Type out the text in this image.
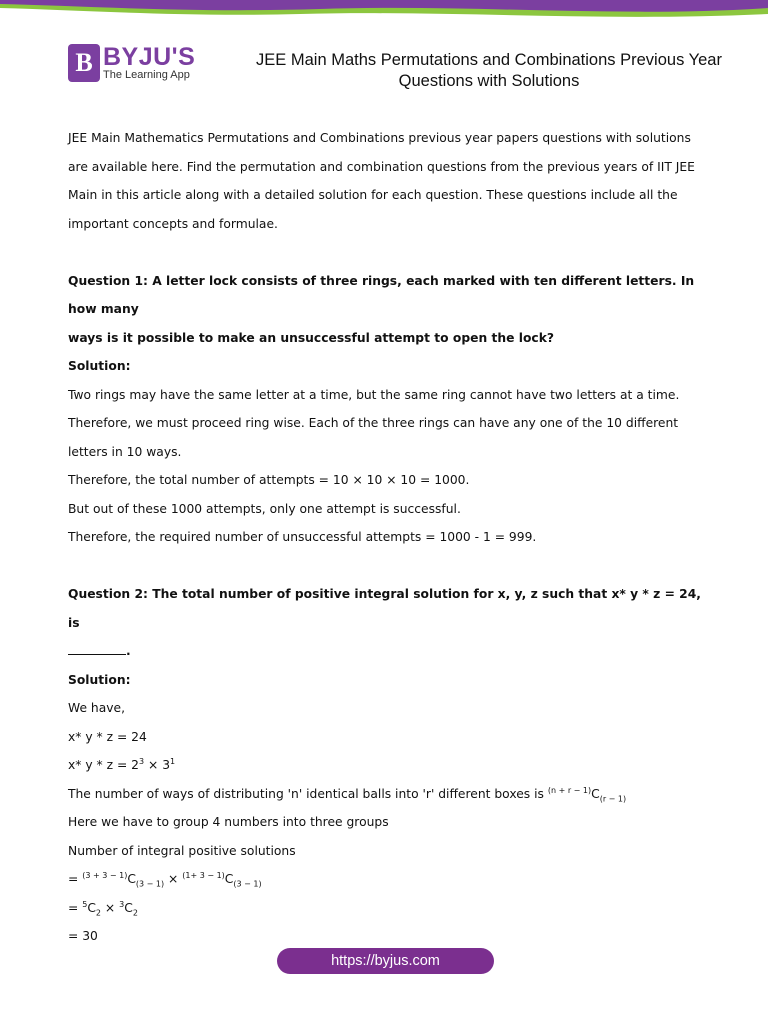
B BYJU'S
The Learning App
JEE Main Maths Permutations and Combinations Previous Year
Questions with Solutions

JEE Main Mathematics Permutations and Combinations previous year papers questions with solutions

are available here. Find the permutation and combination questions from the previous years of IIT JEE

Main in this article along with a detailed solution for each question. These questions include all the

important concepts and formulae.

Question 1: A letter lock consists of three rings, each marked with ten different letters. In how many

ways is it possible to make an unsuccessful attempt to open the lock?

Solution:

Two rings may have the same letter at a time, but the same ring cannot have two letters at a time.

Therefore, we must proceed ring wise. Each of the three rings can have any one of the 10 different

letters in 10 ways.

Therefore, the total number of attempts = 10 × 10 × 10 = 1000.

But out of these 1000 attempts, only one attempt is successful.

Therefore, the required number of unsuccessful attempts = 1000 - 1 = 999.

Question 2: The total number of positive integral solution for x, y, z such that x* y * z = 24, is

.

Solution:

We have,

x* y * z = 24

x* $y * z = 2^3 \times 3^1$

The number of ways of distributing 'n' identical balls into 'r' different boxes is $^{(n + r - 1)}C_{(r - 1)}$

Here we have to group 4 numbers into three groups

Number of integral positive solutions

= $^{(3 + 3 - 1)}C_{(3 - 1)} \times ^{(1+ 3 - 1)}C_{(3 - 1)}$

= $^5C_2 \times ^3C_2$

= 30

https://byjus.com
